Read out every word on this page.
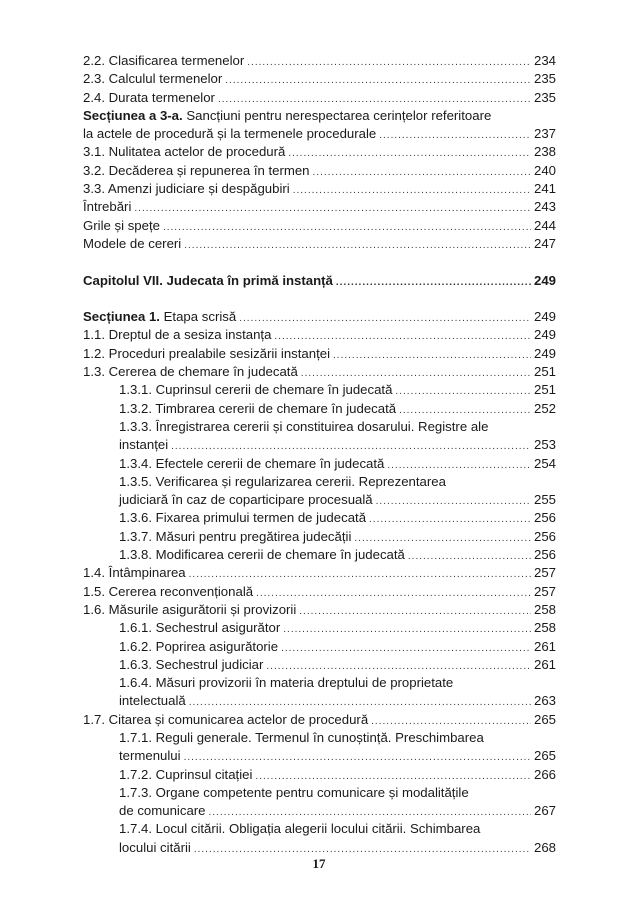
2.2. Clasificarea termenelor .....	234
2.3. Calculul termenelor .....	235
2.4. Durata termenelor .....	235
Secțiunea a 3-a. Sancțiuni pentru nerespectarea cerințelor referitoare
la actele de procedură și la termenele procedurale .....	237
3.1. Nulitatea actelor de procedură .....	238
3.2. Decăderea și repunerea în termen .....	240
3.3. Amenzi judiciare și despăgubiri .....	241
Întrebări .....	243
Grile și spețe .....	244
Modele de cereri .....	247
Capitolul VII. Judecata în primă instanță .....	249
Secțiunea 1. Etapa scrisă .....	249
1.1. Dreptul de a sesiza instanța .....	249
1.2. Proceduri prealabile sesizării instanței .....	249
1.3. Cererea de chemare în judecată .....	251
1.3.1. Cuprinsul cererii de chemare în judecată .....	251
1.3.2. Timbrarea cererii de chemare în judecată .....	252
1.3.3. Înregistrarea cererii și constituirea dosarului. Registre ale
instanței .....	253
1.3.4. Efectele cererii de chemare în judecată .....	254
1.3.5. Verificarea și regularizarea cererii. Reprezentarea
judiciară în caz de coparticipare procesuală .....	255
1.3.6. Fixarea primului termen de judecată .....	256
1.3.7. Măsuri pentru pregătirea judecății .....	256
1.3.8. Modificarea cererii de chemare în judecată .....	256
1.4. Întâmpinarea .....	257
1.5. Cererea reconvențională .....	257
1.6. Măsurile asigurătorii și provizorii .....	258
1.6.1. Sechestrul asigurător .....	258
1.6.2. Poprirea asigurătorie .....	261
1.6.3. Sechestrul judiciar .....	261
1.6.4. Măsuri provizorii în materia dreptului de proprietate
intelectuală .....	263
1.7. Citarea și comunicarea actelor de procedură .....	265
1.7.1. Reguli generale. Termenul în cunoștință. Preschimbarea
termenului .....	265
1.7.2. Cuprinsul citației .....	266
1.7.3. Organe competente pentru comunicare și modalitățile
de comunicare .....	267
1.7.4. Locul citării. Obligația alegerii locului citării. Schimbarea
locului citării .....	268
17
